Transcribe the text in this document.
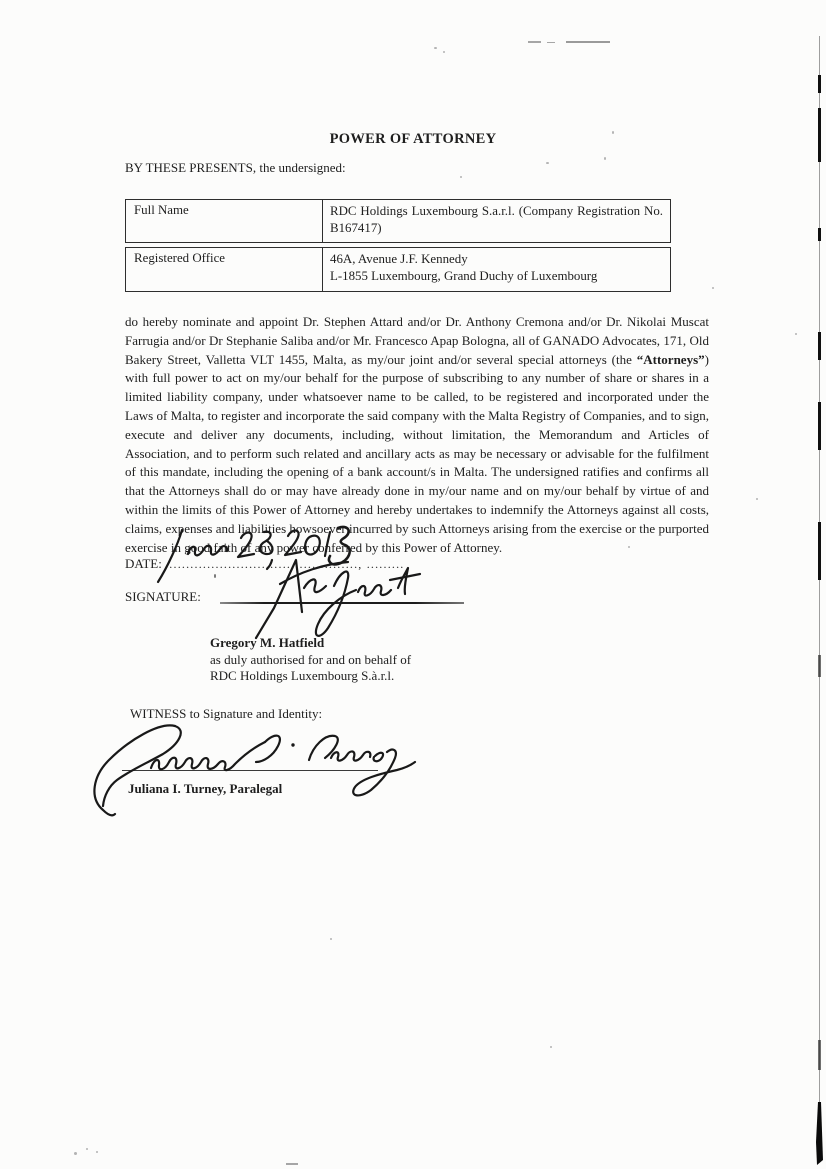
POWER OF ATTORNEY
BY THESE PRESENTS, the undersigned:
Full Name	RDC Holdings Luxembourg S.a.r.l. (Company Registration No. B167417)
Registered Office	46A, Avenue J.F. Kennedy
L-1855 Luxembourg, Grand Duchy of Luxembourg
do hereby nominate and appoint Dr. Stephen Attard and/or Dr. Anthony Cremona and/or Dr. Nikolai Muscat Farrugia and/or Dr Stephanie Saliba and/or Mr. Francesco Apap Bologna, all of GANADO Advocates, 171, Old Bakery Street, Valletta VLT 1455, Malta, as my/our joint and/or several special attorneys (the “Attorneys”) with full power to act on my/our behalf for the purpose of subscribing to any number of share or shares in a limited liability company, under whatsoever name to be called, to be registered and incorporated under the Laws of Malta, to register and incorporate the said company with the Malta Registry of Companies, and to sign, execute and deliver any documents, including, without limitation, the Memorandum and Articles of Association, and to perform such related and ancillary acts as may be necessary or advisable for the fulfilment of this mandate, including the opening of a bank account/s in Malta. The undersigned ratifies and confirms all that the Attorneys shall do or may have already done in my/our name and on my/our behalf by virtue of and within the limits of this Power of Attorney and hereby undertakes to indemnify the Attorneys against all costs, claims, expenses and liabilities howsoever incurred by such Attorneys arising from the exercise or the purported exercise in good faith of any power conferred by this Power of Attorney.
DATE: .............................................., .........
SIGNATURE:
Gregory M. Hatfield
as duly authorised for and on behalf of
RDC Holdings Luxembourg S.à.r.l.
WITNESS to Signature and Identity:
Juliana I. Turney, Paralegal
